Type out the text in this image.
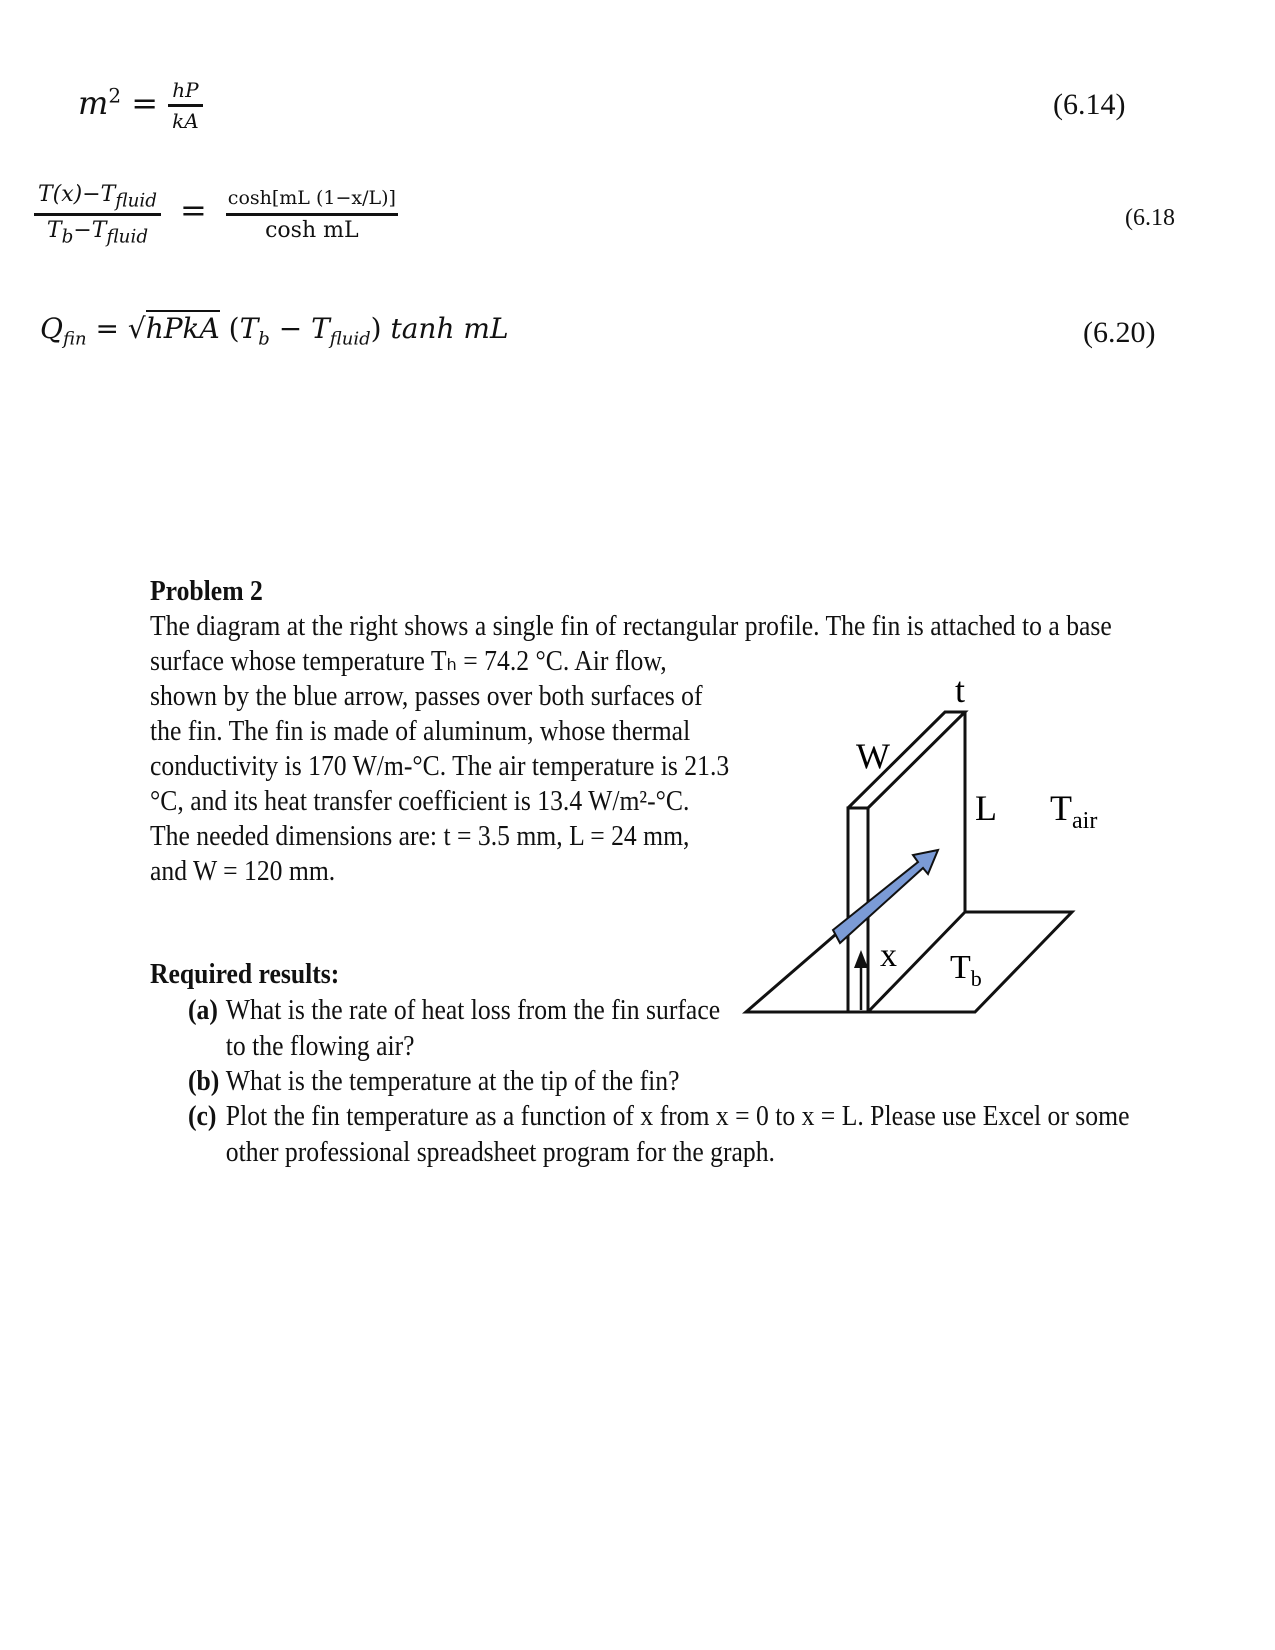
$m^2 = \frac{hP}{kA}$	(6.14)
$\frac{T(x)-T_{fluid}}{T_b-T_{fluid}} = \frac{\cosh[mL (1-x/L)]}{\text{cosh mL}}$	(6.18
$Q_{fin}$ = √hPkA $(T_b - T_{fluid})$ tanh mL	(6.20)
Problem 2
The diagram at the right shows a single fin of rectangular profile. The fin is attached to a base
surface whose temperature Tₕ = 74.2 °C. Air flow,
shown by the blue arrow, passes over both surfaces of
the fin. The fin is made of aluminum, whose thermal
conductivity is 170 W/m-°C. The air temperature is 21.3
°C, and its heat transfer coefficient is 13.4 W/m²-°C.
The needed dimensions are: t = 3.5 mm, L = 24 mm,
and W = 120 mm.
Required results:
(a) What is the rate of heat loss from the fin surface
to the flowing air?
(b) What is the temperature at the tip of the fin?
(c) Plot the fin temperature as a function of x from x = 0 to x = L. Please use Excel or some
other professional spreadsheet program for the graph.
t
W
L $T_{air}$
x $T_b$
